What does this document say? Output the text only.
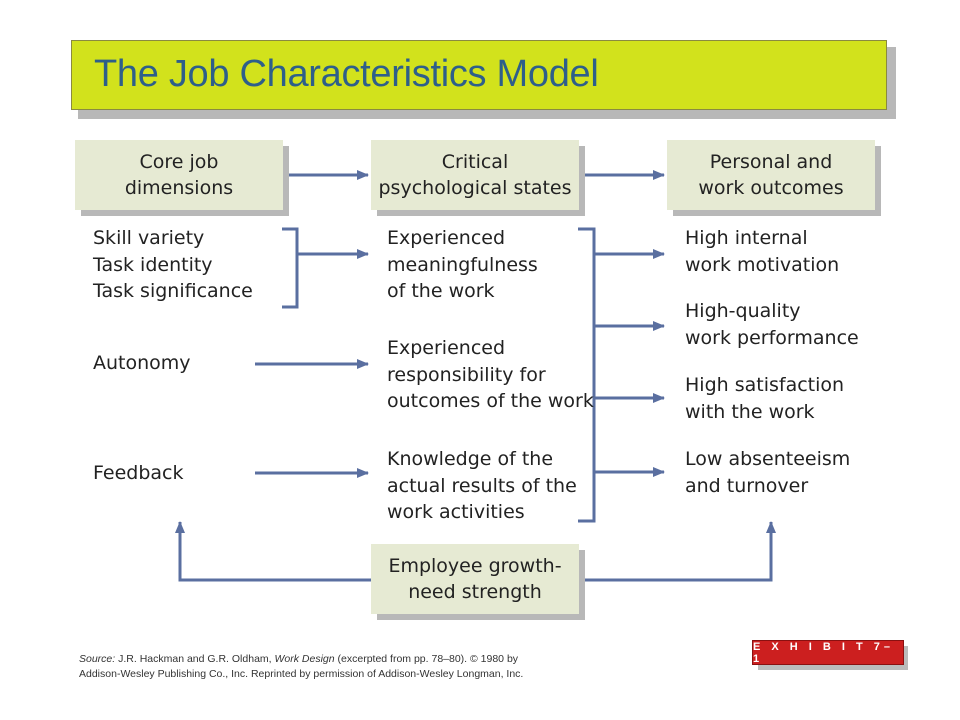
The Job Characteristics Model
Core job
dimensions
Critical
psychological states
Personal and
work outcomes
Employee growth-
need strength
Skill variety
Task identity
Task significance
Autonomy
Feedback
Experienced
meaningfulness
of the work
Experienced
responsibility for
outcomes of the work
Knowledge of the
actual results of the
work activities
High internal
work motivation
High-quality
work performance
High satisfaction
with the work
Low absenteeism
and turnover
Source: J.R. Hackman and G.R. Oldham, Work Design (excerpted from pp. 78–80). © 1980 by
Addison-Wesley Publishing Co., Inc. Reprinted by permission of Addison-Wesley Longman, Inc.
E X H I B I T 7–1
